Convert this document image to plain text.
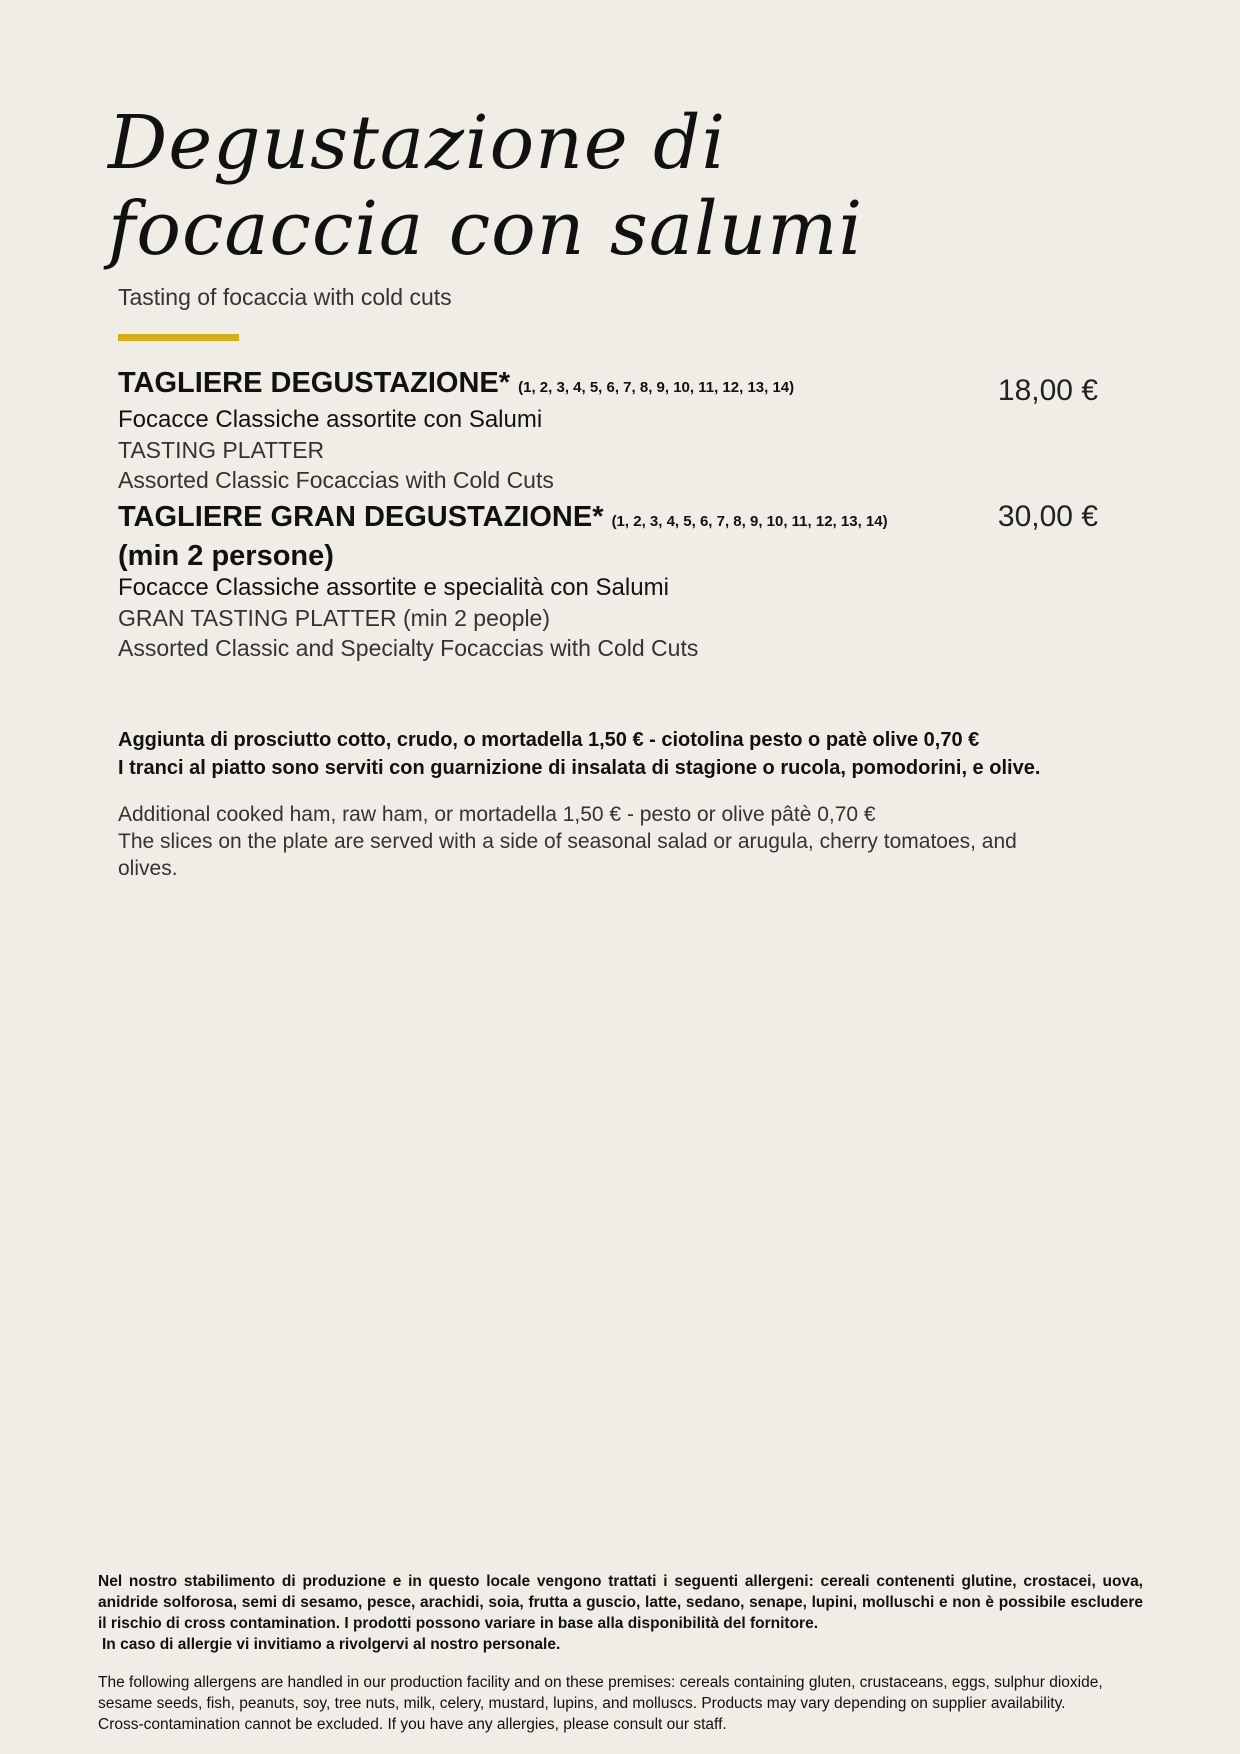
Degustazione di
focaccia con salumi
Tasting of focaccia with cold cuts
TAGLIERE DEGUSTAZIONE* (1, 2, 3, 4, 5, 6, 7, 8, 9, 10, 11, 12, 13, 14)
Focacce Classiche assortite con Salumi
TASTING PLATTER
Assorted Classic Focaccias with Cold Cuts
18,00 €
TAGLIERE GRAN DEGUSTAZIONE* (1, 2, 3, 4, 5, 6, 7, 8, 9, 10, 11, 12, 13, 14)
(min 2 persone)
Focacce Classiche assortite e specialità con Salumi
GRAN TASTING PLATTER (min 2 people)
Assorted Classic and Specialty Focaccias with Cold Cuts
30,00 €
Aggiunta di prosciutto cotto, crudo, o mortadella 1,50 € - ciotolina pesto o patè olive 0,70 €
I tranci al piatto sono serviti con guarnizione di insalata di stagione o rucola, pomodorini, e olive.
Additional cooked ham, raw ham, or mortadella 1,50 € - pesto or olive pâtè 0,70 €
The slices on the plate are served with a side of seasonal salad or arugula, cherry tomatoes, and olives.
Nel nostro stabilimento di produzione e in questo locale vengono trattati i seguenti allergeni: cereali contenenti glutine, crostacei, uova, anidride solforosa, semi di sesamo, pesce, arachidi, soia, frutta a guscio, latte, sedano, senape, lupini, molluschi e non è possibile escludere il rischio di cross contamination. I prodotti possono variare in base alla disponibilità del fornitore.
In caso di allergie vi invitiamo a rivolgervi al nostro personale.
The following allergens are handled in our production facility and on these premises: cereals containing gluten, crustaceans, eggs, sulphur dioxide, sesame seeds, fish, peanuts, soy, tree nuts, milk, celery, mustard, lupins, and molluscs. Products may vary depending on supplier availability.
Cross-contamination cannot be excluded. If you have any allergies, please consult our staff.
